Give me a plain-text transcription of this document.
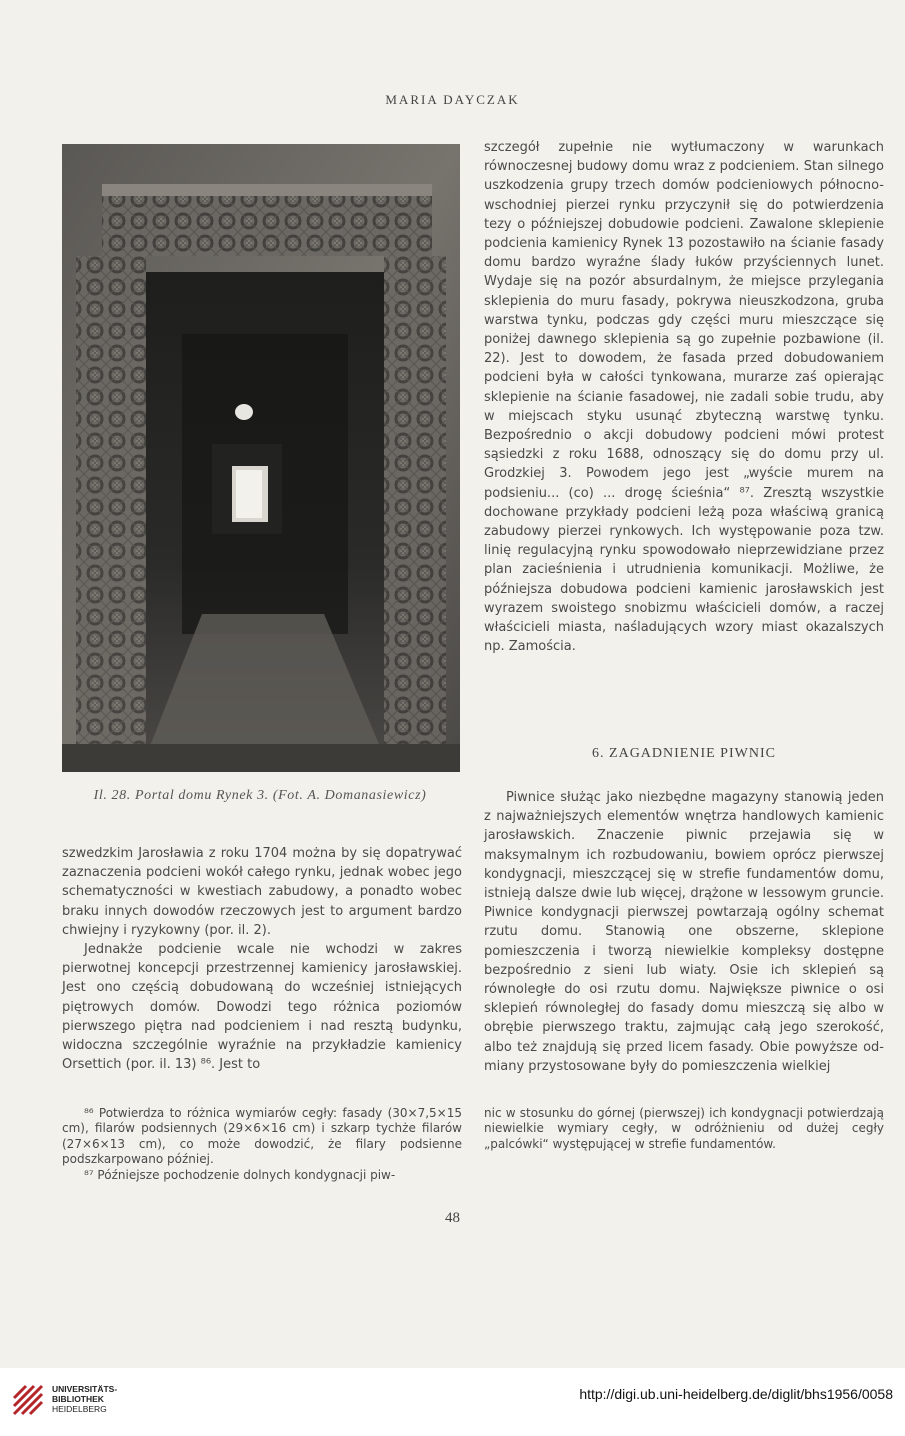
MARIA DAYCZAK
Il. 28. Portal domu Rynek 3. (Fot. A. Domanasiewicz)

szczegół zupełnie nie wytłumaczony w warunkach równoczesnej budowy domu wraz z podcieniem. Stan silnego uszkodzenia grupy trzech domów podcieniowych północno-wschodniej pierzei rynku przyczynił się do potwierdzenia tezy o późniejszej dobudowie podcieni. Zawalone sklepienie podcienia kamienicy Rynek 13 pozostawiło na ścianie fasady domu bardzo wyraźne ślady łuków przyściennych lunet. Wydaje się na pozór absurdalnym, że miejsce przylegania sklepienia do muru fasady, pokrywa nieuszkodzona, gruba warstwa tynku, podczas gdy części muru mieszczące się poniżej dawnego sklepienia są go zupełnie pozbawione (il. 22). Jest to dowodem, że fasada przed dobudowaniem podcieni była w całości tynkowana, murarze zaś opierając sklepienie na ścianie fasadowej, nie zadali sobie trudu, aby w miejscach styku usunąć zbyteczną warstwę tynku. Bezpośrednio o akcji dobudowy podcieni mówi protest sąsiedzki z roku 1688, odnoszący się do domu przy ul. Grodzkiej 3. Powodem jego jest „wyście murem na podsieniu... (co) ... drogę ścieśnia“ ⁸⁷. Zresztą wszystkie dochowane przykłady podcieni leżą poza właściwą granicą zabudowy pierzei rynkowych. Ich występowanie poza tzw. linię regulacyjną rynku spowodowało nieprzewidziane przez plan zacieśnienia i utrudnienia komunikacji. Możliwe, że późniejsza dobudowa podcieni kamienic jarosławskich jest wyrazem swoistego snobizmu właścicieli domów, a raczej właścicieli miasta, naśladujących wzory miast okazalszych np. Zamościa.

6. ZAGADNIENIE PIWNIC

Piwnice służąc jako niezbędne magazyny stanowią jeden z najważniejszych elementów wnętrza handlowych kamienic jarosławskich. Znaczenie piwnic przejawia się w maksymalnym ich rozbudowaniu, bowiem oprócz pierwszej kondygnacji, mieszczącej się w strefie fundamentów domu, istnieją dalsze dwie lub więcej, drążone w lessowym gruncie. Piwnice kondygnacji pierwszej powtarzają ogólny schemat rzutu domu. Stanowią one obszerne, sklepione pomieszczenia i tworzą niewielkie kompleksy dostępne bezpośrednio z sieni lub wiaty. Osie ich sklepień są równoległe do osi rzutu domu. Największe piwnice o osi sklepień równoległej do fasady domu mieszczą się albo w obrębie pierwszego traktu, zajmując całą jego szerokość, albo też znajdują się przed licem fasady. Obie powyższe odmiany przystosowane były do pomieszczenia wielkiej

szwedzkim Jarosławia z roku 1704 można by się dopatrywać zaznaczenia podcieni wokół całego rynku, jednak wobec jego schematyczności w kwestiach zabudowy, a ponadto wobec braku innych dowodów rzeczowych jest to argument bardzo chwiejny i ryzykowny (por. il. 2).

Jednakże podcienie wcale nie wchodzi w zakres pierwotnej koncepcji przestrzennej kamienicy jarosławskiej. Jest ono częścią dobudowaną do wcześniej istniejących piętrowych domów. Dowodzi tego różnica poziomów pierwszego piętra nad podcieniem i nad resztą budynku, widoczna szczególnie wyraźnie na przykładzie kamienicy Orsettich (por. il. 13) ⁸⁶. Jest to

⁸⁶ Potwierdza to różnica wymiarów cegły: fasady (30×7,5×15 cm), filarów podsiennych (29×6×16 cm) i szkarp tychże filarów (27×6×13 cm), co może dowodzić, że filary podsienne podszkarpowano później.

⁸⁷ Późniejsze pochodzenie dolnych kondygnacji piw-

nic w stosunku do górnej (pierwszej) ich kondygnacji potwierdzają niewielkie wymiary cegły, w odróżnieniu od dużej cegły „palcówki“ występującej w strefie fundamentów.

48
UNIVERSITÄTS-
BIBLIOTHEK
HEIDELBERG
http://digi.ub.uni-heidelberg.de/diglit/bhs1956/0058
